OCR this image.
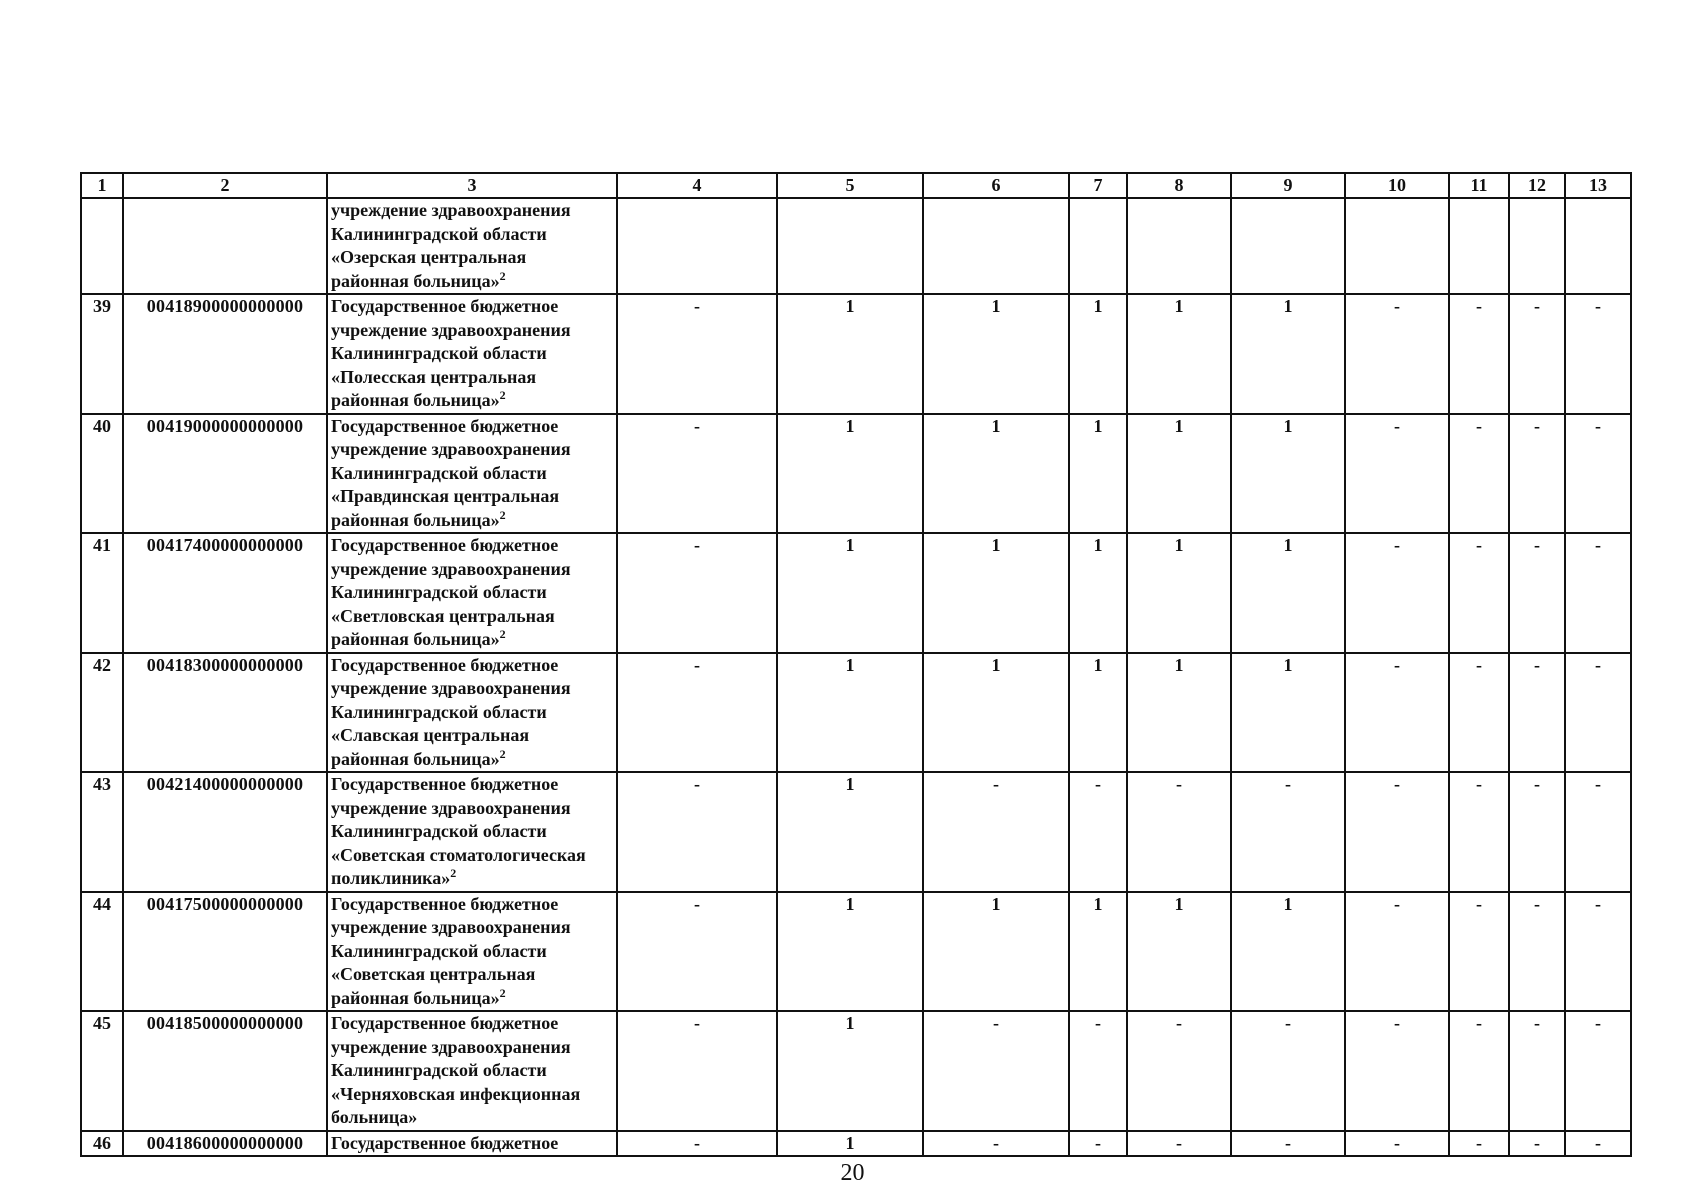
1	2	3	4	5	6	7	8	9	10	11	12	13

		учреждение здравоохранения
Калининградской области
«Озерская центральная
районная больница»$^2$

39	00418900000000000	Государственное бюджетное
учреждение здравоохранения
Калининградской области
«Полесская центральная
районная больница»$^2$	-	1	1	1	1	1	-	-	-	-
40	00419000000000000	Государственное бюджетное
учреждение здравоохранения
Калининградской области
«Правдинская центральная
районная больница»$^2$	-	1	1	1	1	1	-	-	-	-
41	00417400000000000	Государственное бюджетное
учреждение здравоохранения
Калининградской области
«Светловская центральная
районная больница»$^2$	-	1	1	1	1	1	-	-	-	-
42	00418300000000000	Государственное бюджетное
учреждение здравоохранения
Калининградской области
«Славская центральная
районная больница»$^2$	-	1	1	1	1	1	-	-	-	-
43	00421400000000000	Государственное бюджетное
учреждение здравоохранения
Калининградской области
«Советская стоматологическая
поликлиника»$^2$	-	1	-	-	-	-	-	-	-	-
44	00417500000000000	Государственное бюджетное
учреждение здравоохранения
Калининградской области
«Советская центральная
районная больница»$^2$	-	1	1	1	1	1	-	-	-	-
45	00418500000000000	Государственное бюджетное
учреждение здравоохранения
Калининградской области
«Черняховская инфекционная
больница»	-	1	-	-	-	-	-	-	-	-
46	00418600000000000	Государственное бюджетное	-	1	-	-	-	-	-	-	-	-
20
